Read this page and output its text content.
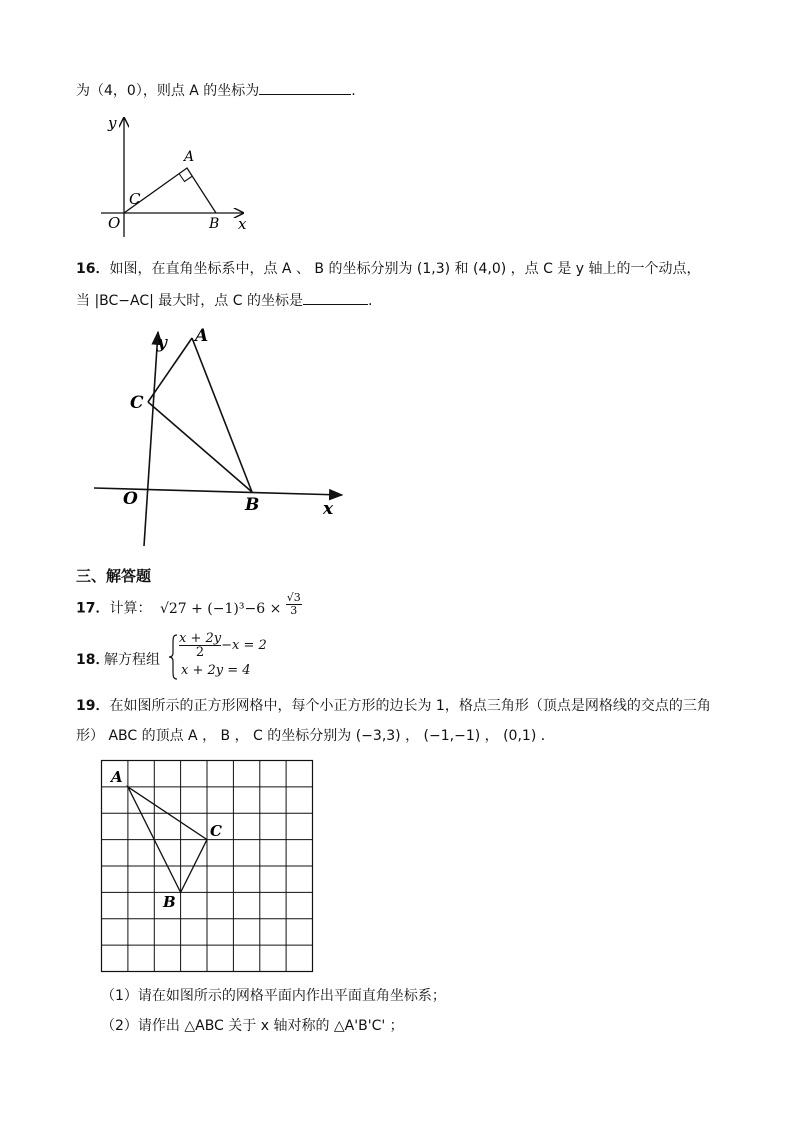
为（4，0），则点 A 的坐标为	.
y
A
C
O	B x
16．如图，在直角坐标系中，点 A 、 B 的坐标分别为 (1,3) 和 (4,0) ，点 C 是 y 轴上的一个动点，
当 |BC−AC| 最大时，点 C 的坐标是	.
y A
C
O	B	x
三、解答题
17．计算： $√27 + (-1)^3-6 \times \frac{√3}{3}$
18．
解方程组
$\frac{x + 2y}{2} -x = 2$
x + 2y = 4
19．在如图所示的正方形网格中，每个小正方形的边长为 1，格点三角形（顶点是网格线的交点的三角
形） ABC 的顶点 A ， B ， C 的坐标分别为 (−3,3) ， (−1,−1) ， (0,1) ．
A
C
B
（1）请在如图所示的网格平面内作出平面直角坐标系；
（2）请作出 △ABC 关于 x 轴对称的 △A'B'C' ；
